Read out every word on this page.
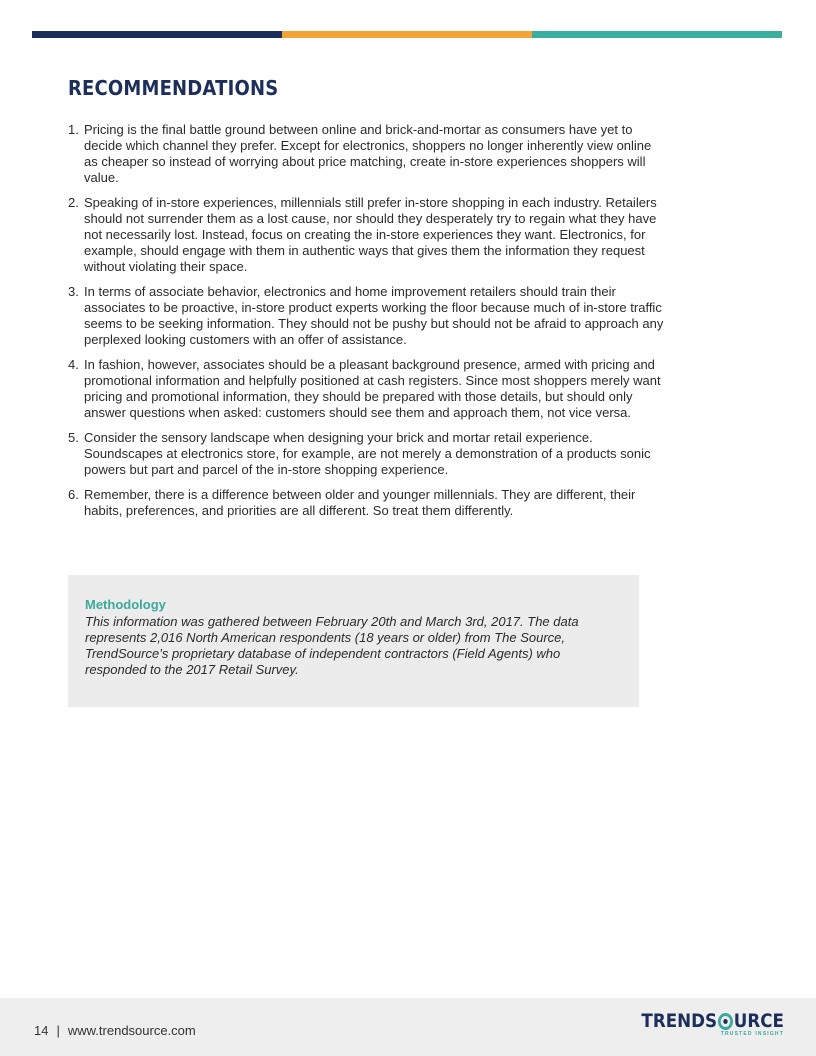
RECOMMENDATIONS
1. Pricing is the final battle ground between online and brick-and-mortar as consumers have yet to decide which channel they prefer. Except for electronics, shoppers no longer inherently view online as cheaper so instead of worrying about price matching, create in-store experiences shoppers will value.
2. Speaking of in-store experiences, millennials still prefer in-store shopping in each industry. Retailers should not surrender them as a lost cause, nor should they desperately try to regain what they have not necessarily lost. Instead, focus on creating the in-store experiences they want. Electronics, for example, should engage with them in authentic ways that gives them the information they request without violating their space.
3. In terms of associate behavior, electronics and home improvement retailers should train their associates to be proactive, in-store product experts working the floor because much of in-store traffic seems to be seeking information. They should not be pushy but should not be afraid to approach any perplexed looking customers with an offer of assistance.
4. In fashion, however, associates should be a pleasant background presence, armed with pricing and promotional information and helpfully positioned at cash registers. Since most shoppers merely want pricing and promotional information, they should be prepared with those details, but should only answer questions when asked: customers should see them and approach them, not vice versa.
5. Consider the sensory landscape when designing your brick and mortar retail experience. Soundscapes at electronics store, for example, are not merely a demonstration of a products sonic powers but part and parcel of the in-store shopping experience.
6. Remember, there is a difference between older and younger millennials. They are different, their habits, preferences, and priorities are all different. So treat them differently.
Methodology
This information was gathered between February 20th and March 3rd, 2017. The data represents 2,016 North American respondents (18 years or older) from The Source, TrendSource’s proprietary database of independent contractors (Field Agents) who responded to the 2017 Retail Survey.
14 | www.trendsource.com	TRENDS URCE
TRUSTED INSIGHT
